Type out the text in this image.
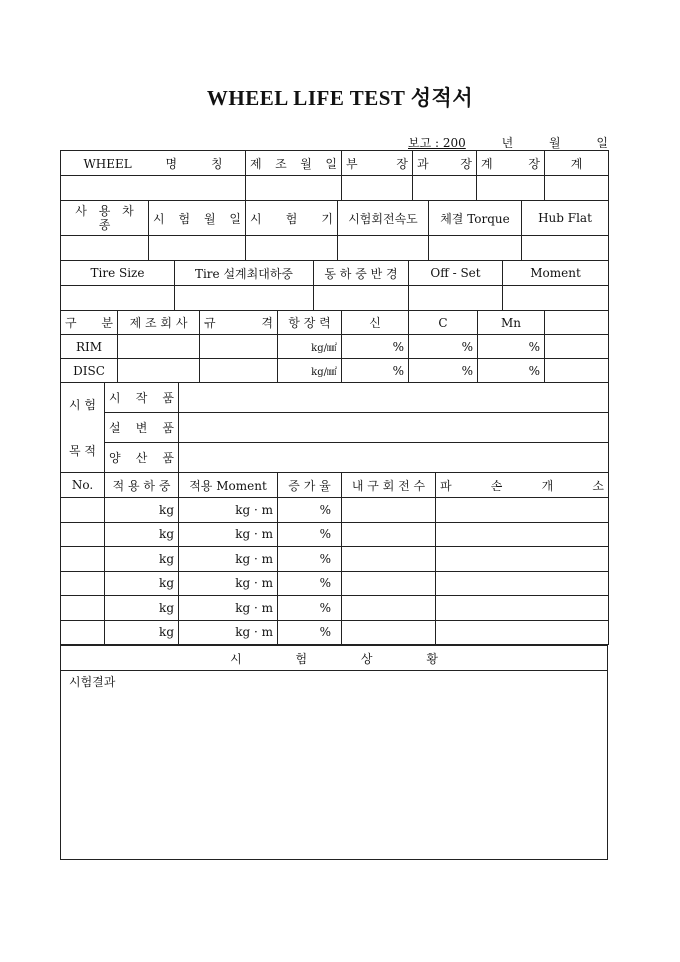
WHEEL LIFE TEST 성적서
보고 : 200	년	월	일
WHEEL 명 칭	제 조 월 일	부 장	과 장	계 장	계

사 용 차 종	시 험 월 일	시 험 기	시험회전속도	체결 Torque	Hub Flat

Tire Size	Tire 설계최대하중	동 하 중 반 경	Off - Set	Moment

구 분	제 조 회 사	규 격	항 장 력	신	C	Mn	
RIM			kg/㎟	%	%	%	
DISC			kg/㎟	%	%	%	
시 험
목 적	시 작 품	
	설 변 품	
	양 산 품	
No.	적 용 하 중	적용 Moment	증 가 율	내 구 회 전 수	파 손 개 소
	kg	kg · m	%		
	kg	kg · m	%		
	kg	kg · m	%		
	kg	kg · m	%		
	kg	kg · m	%		
	kg	kg · m	%		
시 험 상 황
시험결과
